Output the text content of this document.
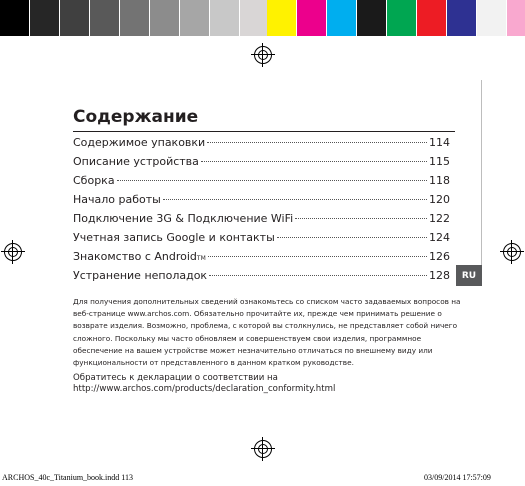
Содержание
Содержимое упаковки	114
Описание устройства	115
Сборка	118
Начало работы	120
Подключение 3G & Подключение WiFi	122
Учетная запись Google и контакты	124
Знакомство с Android TM	126
Устранение неполадок	128	RU

Для получения дополнительных сведений ознакомьтесь со списком часто задаваемых вопросов на веб-странице www.archos.com. Обязательно прочитайте их, прежде чем принимать решение о возврате изделия. Возможно, проблема, с которой вы столкнулись, не представляет собой ничего сложного. Поскольку мы часто обновляем и совершенствуем свои изделия, программное обеспечение на вашем устройстве может незначительно отличаться по внешнему виду или функциональности от представленного в данном кратком руководстве.

Обратитесь к декларации о соответствии на http://www.archos.com/products/declaration_conformity.html

ARCHOS_40c_Titanium_book.indd 113	03/09/2014 17:57:09
